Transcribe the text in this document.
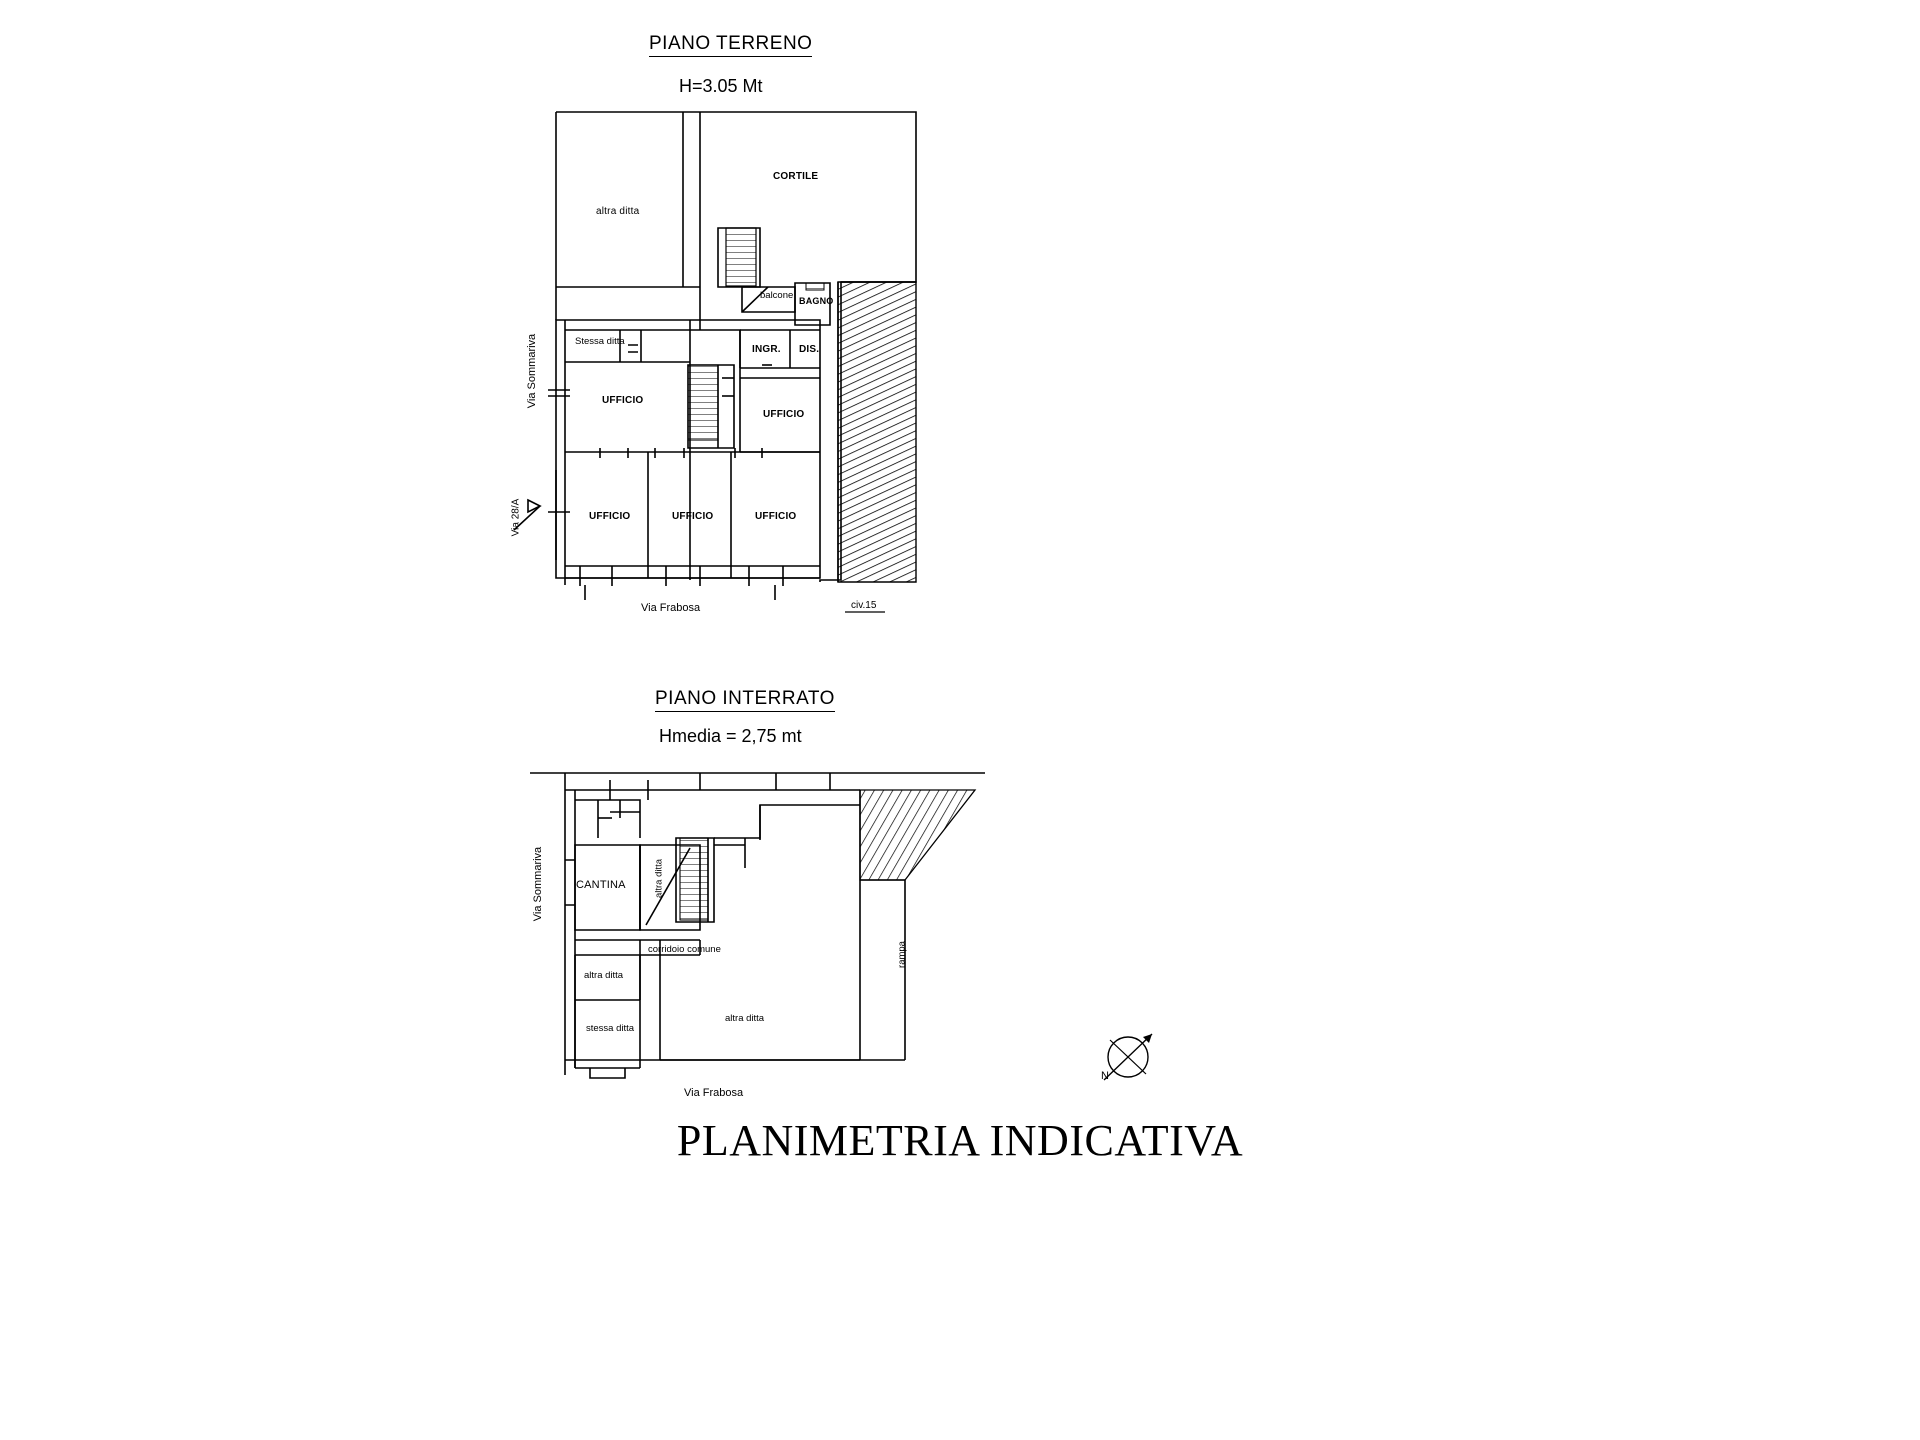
PIANO TERRENO
H=3.05 Mt
altra ditta
CORTILE
balcone BAGNO
Stessa ditta
INGR. DIS.
UFFICIO
UFFICIO
UFFICIO	UFFICIO	UFFICIO
Via Sommariva
Via 28/A
Via Frabosa	civ.15
PIANO INTERRATO
Hmedia = 2,75 mt
CANTINA	altra ditta
corridoio comune
altra ditta
stessa ditta
altra ditta
rampa
Via Sommariva
Via Frabosa
N
PLANIMETRIA INDICATIVA
